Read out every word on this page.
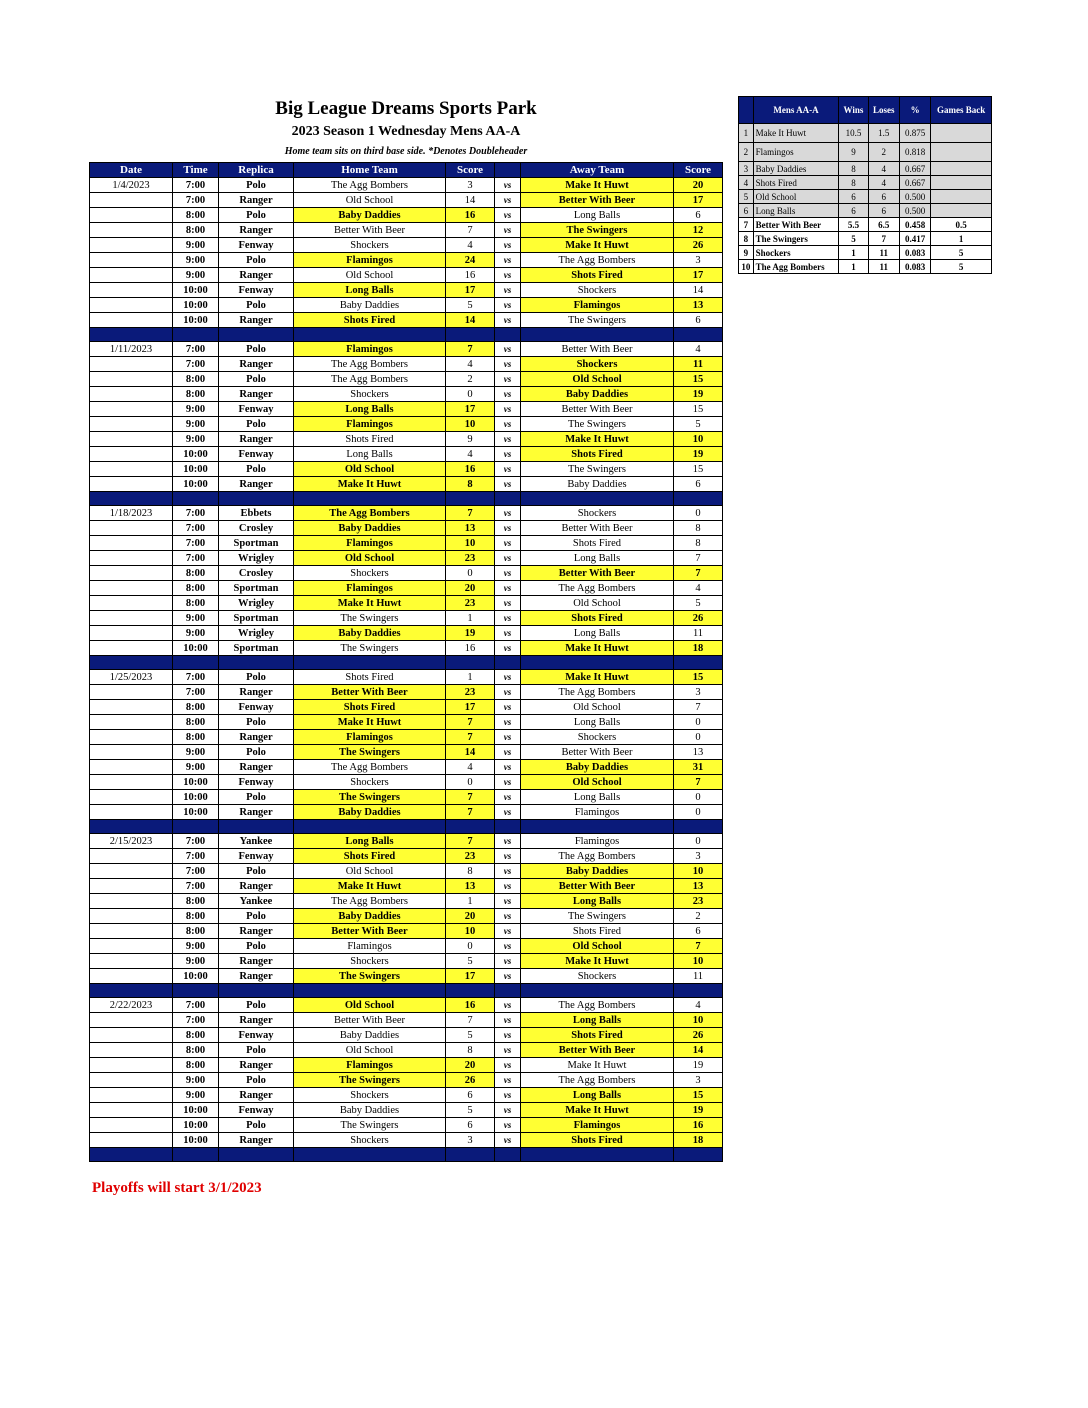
Big League Dreams Sports Park
2023 Season 1 Wednesday Mens AA-A
Home team sits on third base side. *Denotes Doubleheader
Date	Time	Replica	Home Team	Score		Away Team	Score
1/4/2023	7:00	Polo	The Agg Bombers	3	vs	Make It Huwt	20
	7:00	Ranger	Old School	14	vs	Better With Beer	17
	8:00	Polo	Baby Daddies	16	vs	Long Balls	6
	8:00	Ranger	Better With Beer	7	vs	The Swingers	12
	9:00	Fenway	Shockers	4	vs	Make It Huwt	26
	9:00	Polo	Flamingos	24	vs	The Agg Bombers	3
	9:00	Ranger	Old School	16	vs	Shots Fired	17
	10:00	Fenway	Long Balls	17	vs	Shockers	14
	10:00	Polo	Baby Daddies	5	vs	Flamingos	13
	10:00	Ranger	Shots Fired	14	vs	The Swingers	6

1/11/2023	7:00	Polo	Flamingos	7	vs	Better With Beer	4
	7:00	Ranger	The Agg Bombers	4	vs	Shockers	11
	8:00	Polo	The Agg Bombers	2	vs	Old School	15
	8:00	Ranger	Shockers	0	vs	Baby Daddies	19
	9:00	Fenway	Long Balls	17	vs	Better With Beer	15
	9:00	Polo	Flamingos	10	vs	The Swingers	5
	9:00	Ranger	Shots Fired	9	vs	Make It Huwt	10
	10:00	Fenway	Long Balls	4	vs	Shots Fired	19
	10:00	Polo	Old School	16	vs	The Swingers	15
	10:00	Ranger	Make It Huwt	8	vs	Baby Daddies	6

1/18/2023	7:00	Ebbets	The Agg Bombers	7	vs	Shockers	0
	7:00	Crosley	Baby Daddies	13	vs	Better With Beer	8
	7:00	Sportman	Flamingos	10	vs	Shots Fired	8
	7:00	Wrigley	Old School	23	vs	Long Balls	7
	8:00	Crosley	Shockers	0	vs	Better With Beer	7
	8:00	Sportman	Flamingos	20	vs	The Agg Bombers	4
	8:00	Wrigley	Make It Huwt	23	vs	Old School	5
	9:00	Sportman	The Swingers	1	vs	Shots Fired	26
	9:00	Wrigley	Baby Daddies	19	vs	Long Balls	11
	10:00	Sportman	The Swingers	16	vs	Make It Huwt	18

1/25/2023	7:00	Polo	Shots Fired	1	vs	Make It Huwt	15
	7:00	Ranger	Better With Beer	23	vs	The Agg Bombers	3
	8:00	Fenway	Shots Fired	17	vs	Old School	7
	8:00	Polo	Make It Huwt	7	vs	Long Balls	0
	8:00	Ranger	Flamingos	7	vs	Shockers	0
	9:00	Polo	The Swingers	14	vs	Better With Beer	13
	9:00	Ranger	The Agg Bombers	4	vs	Baby Daddies	31
	10:00	Fenway	Shockers	0	vs	Old School	7
	10:00	Polo	The Swingers	7	vs	Long Balls	0
	10:00	Ranger	Baby Daddies	7	vs	Flamingos	0

2/15/2023	7:00	Yankee	Long Balls	7	vs	Flamingos	0
	7:00	Fenway	Shots Fired	23	vs	The Agg Bombers	3
	7:00	Polo	Old School	8	vs	Baby Daddies	10
	7:00	Ranger	Make It Huwt	13	vs	Better With Beer	13
	8:00	Yankee	The Agg Bombers	1	vs	Long Balls	23
	8:00	Polo	Baby Daddies	20	vs	The Swingers	2
	8:00	Ranger	Better With Beer	10	vs	Shots Fired	6
	9:00	Polo	Flamingos	0	vs	Old School	7
	9:00	Ranger	Shockers	5	vs	Make It Huwt	10
	10:00	Ranger	The Swingers	17	vs	Shockers	11

2/22/2023	7:00	Polo	Old School	16	vs	The Agg Bombers	4
	7:00	Ranger	Better With Beer	7	vs	Long Balls	10
	8:00	Fenway	Baby Daddies	5	vs	Shots Fired	26
	8:00	Polo	Old School	8	vs	Better With Beer	14
	8:00	Ranger	Flamingos	20	vs	Make It Huwt	19
	9:00	Polo	The Swingers	26	vs	The Agg Bombers	3
	9:00	Ranger	Shockers	6	vs	Long Balls	15
	10:00	Fenway	Baby Daddies	5	vs	Make It Huwt	19
	10:00	Polo	The Swingers	6	vs	Flamingos	16
	10:00	Ranger	Shockers	3	vs	Shots Fired	18

Playoffs will start 3/1/2023
	Mens AA-A	Wins	Loses	%	Games Back
1	Make It Huwt	10.5	1.5	0.875	
2	Flamingos	9	2	0.818	
3	Baby Daddies	8	4	0.667	
4	Shots Fired	8	4	0.667	
5	Old School	6	6	0.500	
6	Long Balls	6	6	0.500	
7	Better With Beer	5.5	6.5	0.458	0.5
8	The Swingers	5	7	0.417	1
9	Shockers	1	11	0.083	5
10	The Agg Bombers	1	11	0.083	5
